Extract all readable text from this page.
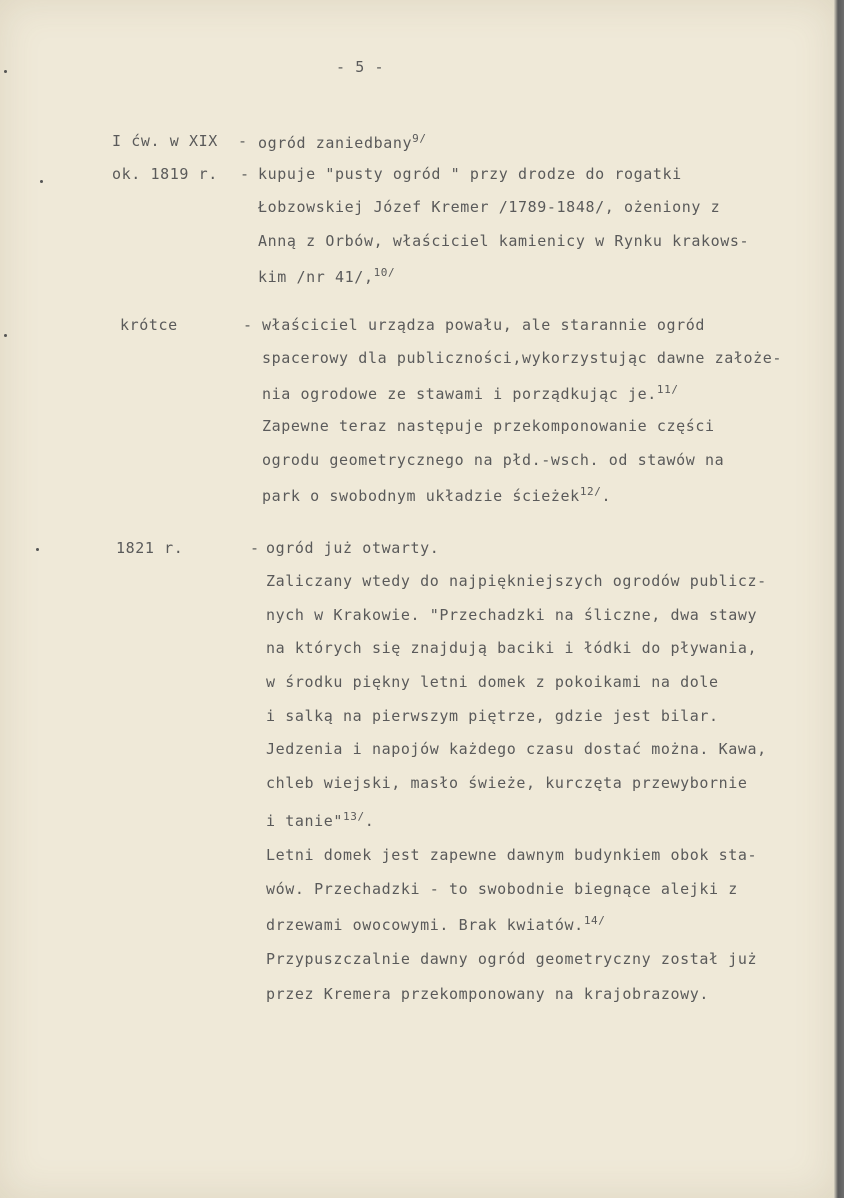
- 5 -
I ćw. w XIX - ogród zaniedbany$^{9/}$
ok. 1819 r. - kupuje "pusty ogród " przy drodze do rogatki
Łobzowskiej Józef Kremer /1789-1848/, ożeniony z
Anną z Orbów, właściciel kamienicy w Rynku krakows-
kim /nr 41/,$^{10/}$
krótce	- właściciel urządza powału, ale starannie ogród
spacerowy dla publiczności,wykorzystując dawne założe-
nia ogrodowe ze stawami i porządkując je.$^{11/}$
Zapewne teraz następuje przekomponowanie części
ogrodu geometrycznego na płd.-wsch. od stawów na
park o swobodnym układzie ścieżek$^{12/}$.
1821 r.	- ogród już otwarty.
Zaliczany wtedy do najpiękniejszych ogrodów publicz-
nych w Krakowie. "Przechadzki na śliczne, dwa stawy
na których się znajdują baciki i łódki do pływania,
w środku piękny letni domek z pokoikami na dole
i salką na pierwszym piętrze, gdzie jest bilar.
Jedzenia i napojów każdego czasu dostać można. Kawa,
chleb wiejski, masło świeże, kurczęta przewybornie
i tanie"$^{13/}$.
Letni domek jest zapewne dawnym budynkiem obok sta-
wów. Przechadzki - to swobodnie biegnące alejki z
drzewami owocowymi. Brak kwiatów.$^{14/}$
Przypuszczalnie dawny ogród geometryczny został już
przez Kremera przekomponowany na krajobrazowy.
